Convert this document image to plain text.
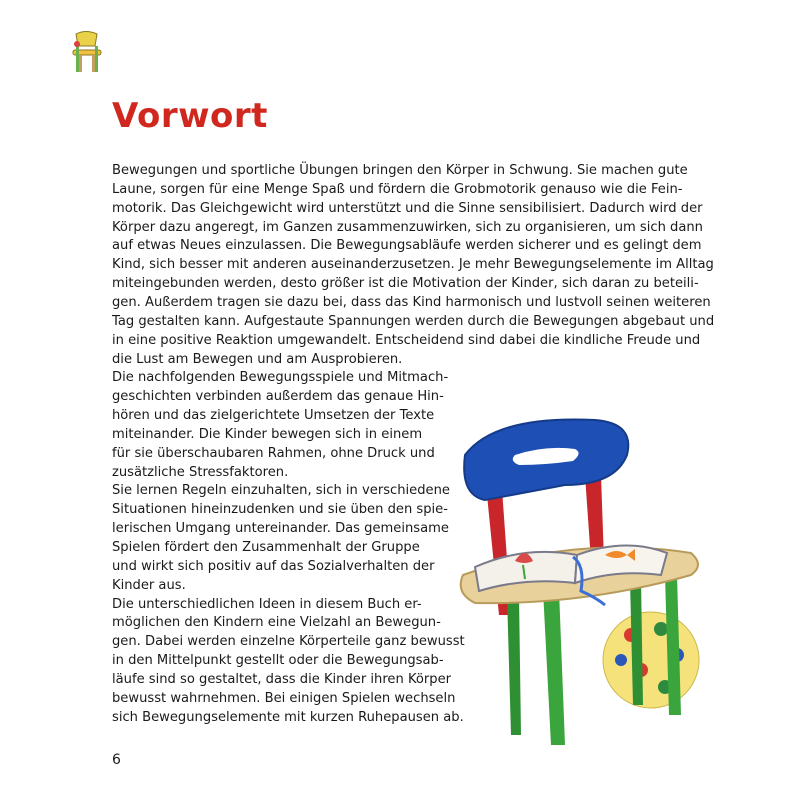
Vorwort

Bewegungen und sportliche Übungen bringen den Körper in Schwung. Sie machen gute

Laune, sorgen für eine Menge Spaß und fördern die Grobmotorik genauso wie die Fein-

motorik. Das Gleichgewicht wird unterstützt und die Sinne sensibilisiert. Dadurch wird der

Körper dazu angeregt, im Ganzen zusammenzuwirken, sich zu organisieren, um sich dann

auf etwas Neues einzulassen. Die Bewegungsabläufe werden sicherer und es gelingt dem

Kind, sich besser mit anderen auseinanderzusetzen. Je mehr Bewegungselemente im Alltag

miteingebunden werden, desto größer ist die Motivation der Kinder, sich daran zu beteili-

gen. Außerdem tragen sie dazu bei, dass das Kind harmonisch und lustvoll seinen weiteren

Tag gestalten kann. Aufgestaute Spannungen werden durch die Bewegungen abgebaut und

in eine positive Reaktion umgewandelt. Entscheidend sind dabei die kindliche Freude und

die Lust am Bewegen und am Ausprobieren.

Die nachfolgenden Bewegungsspiele und Mitmach-

geschichten verbinden außerdem das genaue Hin-

hören und das zielgerichtete Umsetzen der Texte

miteinander. Die Kinder bewegen sich in einem

für sie überschaubaren Rahmen, ohne Druck und

zusätzliche Stressfaktoren.

Sie lernen Regeln einzuhalten, sich in verschiedene

Situationen hineinzudenken und sie üben den spie-

lerischen Umgang untereinander. Das gemeinsame

Spielen fördert den Zusammenhalt der Gruppe

und wirkt sich positiv auf das Sozialverhalten der

Kinder aus.

Die unterschiedlichen Ideen in diesem Buch er-

möglichen den Kindern eine Vielzahl an Bewegun-

gen. Dabei werden einzelne Körperteile ganz bewusst

in den Mittelpunkt gestellt oder die Bewegungsab-

läufe sind so gestaltet, dass die Kinder ihren Körper

bewusst wahrnehmen. Bei einigen Spielen wechseln

sich Bewegungselemente mit kurzen Ruhepausen ab.

6
